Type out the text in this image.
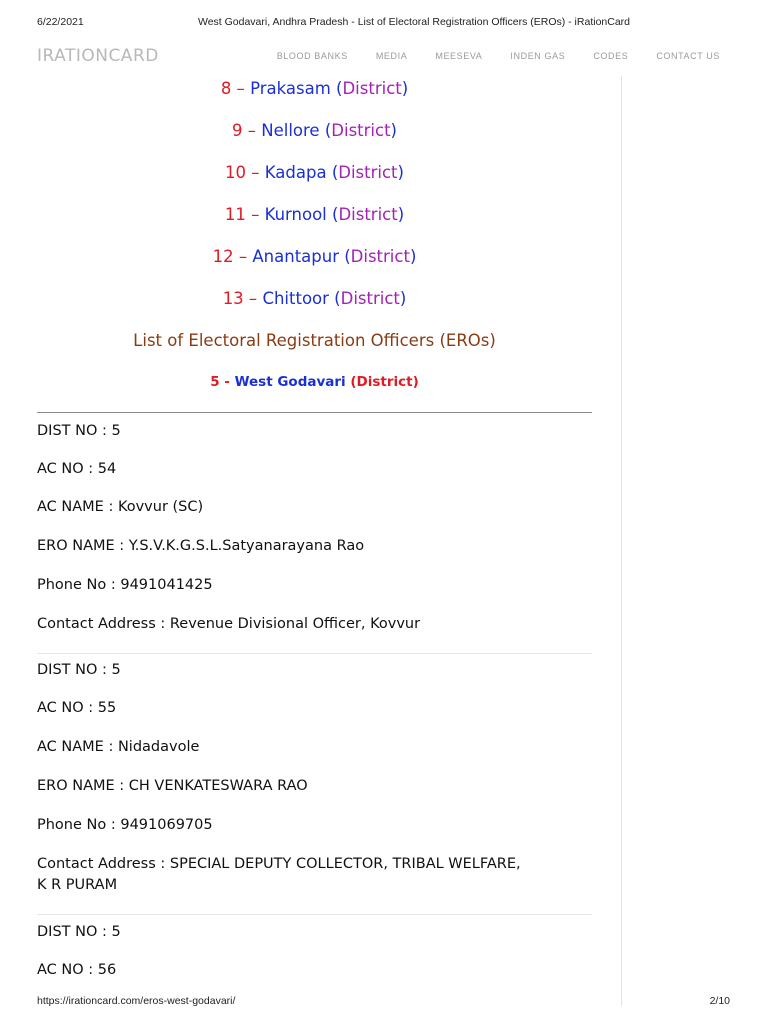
6/22/2021	West Godavari, Andhra Pradesh - List of Electoral Registration Officers (EROs) - iRationCard
IRATIONCARD	BLOOD BANKS	MEDIA	MEESEVA	INDEN GAS	CODES	CONTACT US
8 – Prakasam (District)
9 – Nellore (District)
10 – Kadapa (District)
11 – Kurnool (District)
12 – Anantapur (District)
13 – Chittoor (District)
List of Electoral Registration Officers (EROs)
5 - West Godavari (District)
DIST NO : 5
AC NO : 54
AC NAME : Kovvur (SC)
ERO NAME : Y.S.V.K.G.S.L.Satyanarayana Rao
Phone No : 9491041425
Contact Address : Revenue Divisional Officer, Kovvur
DIST NO : 5
AC NO : 55
AC NAME : Nidadavole
ERO NAME : CH VENKATESWARA RAO
Phone No : 9491069705
Contact Address : SPECIAL DEPUTY COLLECTOR, TRIBAL WELFARE,
K R PURAM
DIST NO : 5
AC NO : 56
https://irationcard.com/eros-west-godavari/	2/10
